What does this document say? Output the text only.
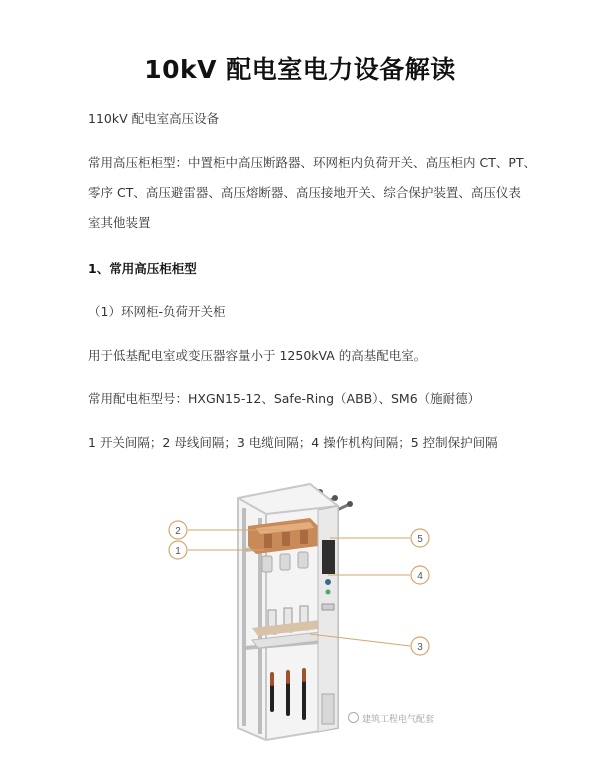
10kV 配电室电力设备解读
110kV 配电室高压设备
常用高压柜柜型：中置柜中高压断路器、环网柜内负荷开关、高压柜内 CT、PT、
零序 CT、高压避雷器、高压熔断器、高压接地开关、综合保护装置、高压仪表
室其他装置
1、常用高压柜柜型
（1）环网柜-负荷开关柜
用于低基配电室或变压器容量小于 1250kVA 的高基配电室。
常用配电柜型号：HXGN15-12、Safe-Ring（ABB）、SM6（施耐德）
1 开关间隔；2 母线间隔；3 电缆间隔；4 操作机构间隔；5 控制保护间隔
2
1
5
4
3
建筑工程电气配套
